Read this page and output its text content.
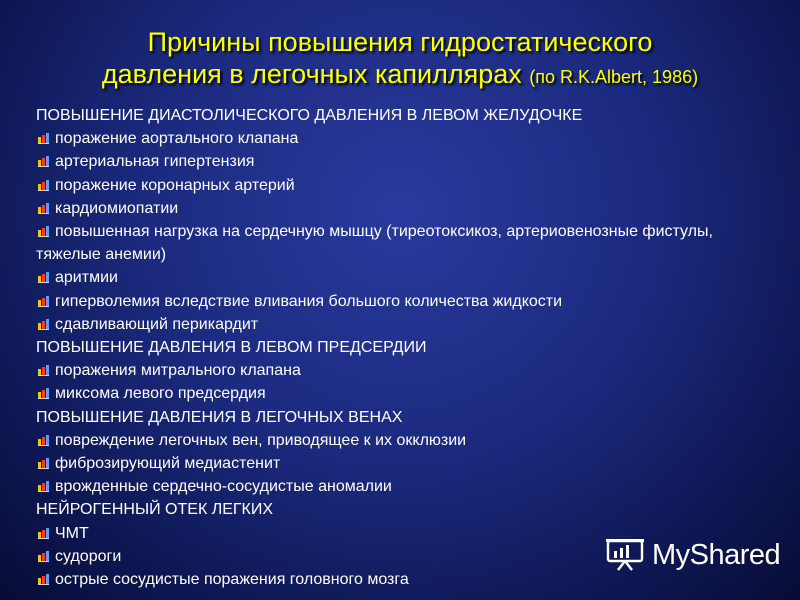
Причины повышения гидростатического
давления в легочных капиллярах (по R.K.Albert, 1986)
ПОВЫШЕНИЕ ДИАСТОЛИЧЕСКОГО ДАВЛЕНИЯ В ЛЕВОМ ЖЕЛУДОЧКЕ
поражение аортального клапана
артериальная гипертензия
поражение коронарных артерий
кардиомиопатии
повышенная нагрузка на сердечную мышцу (тиреотоксикоз, артериовенозные фистулы, тяжелые анемии)
аритмии
гиперволемия вследствие вливания большого количества жидкости
сдавливающий перикардит
ПОВЫШЕНИЕ ДАВЛЕНИЯ В ЛЕВОМ ПРЕДСЕРДИИ
поражения митрального клапана
миксома левого предсердия
ПОВЫШЕНИЕ ДАВЛЕНИЯ В ЛЕГОЧНЫХ ВЕНАХ
повреждение легочных вен, приводящее к их окклюзии
фиброзирующий медиастенит
врожденные сердечно-сосудистые аномалии
НЕЙРОГЕННЫЙ ОТЕК ЛЕГКИХ
ЧМТ
судороги
острые сосудистые поражения головного мозга
MyShared
